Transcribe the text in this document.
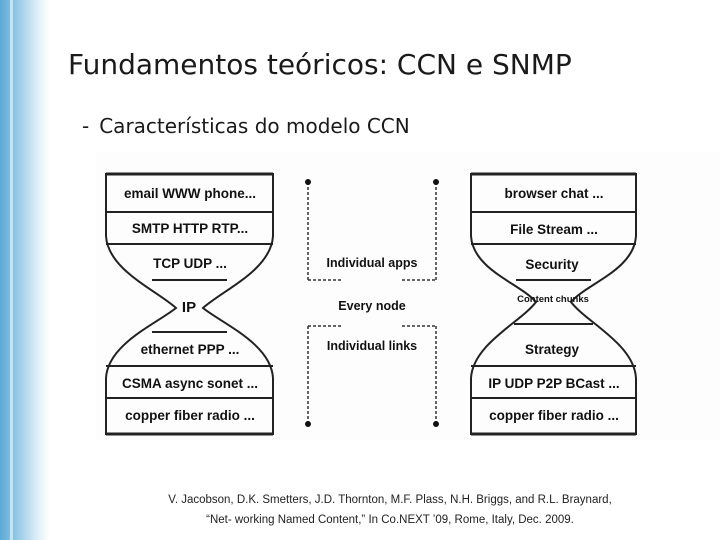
Fundamentos teóricos: CCN e SNMP

- Características do modelo CCN

email WWW phone...
SMTP HTTP RTP...
TCP UDP ...
IP
ethernet PPP ...
CSMA async sonet ...
copper fiber radio ...
Individual apps
Every node
Individual links
browser chat ...
File Stream ...
Security
Content chunks
Strategy
IP UDP P2P BCast ...
copper fiber radio ...
V. Jacobson, D.K. Smetters, J.D. Thornton, M.F. Plass, N.H. Briggs, and R.L. Braynard,
“Net- working Named Content,” In Co.NEXT ’09, Rome, Italy, Dec. 2009.
